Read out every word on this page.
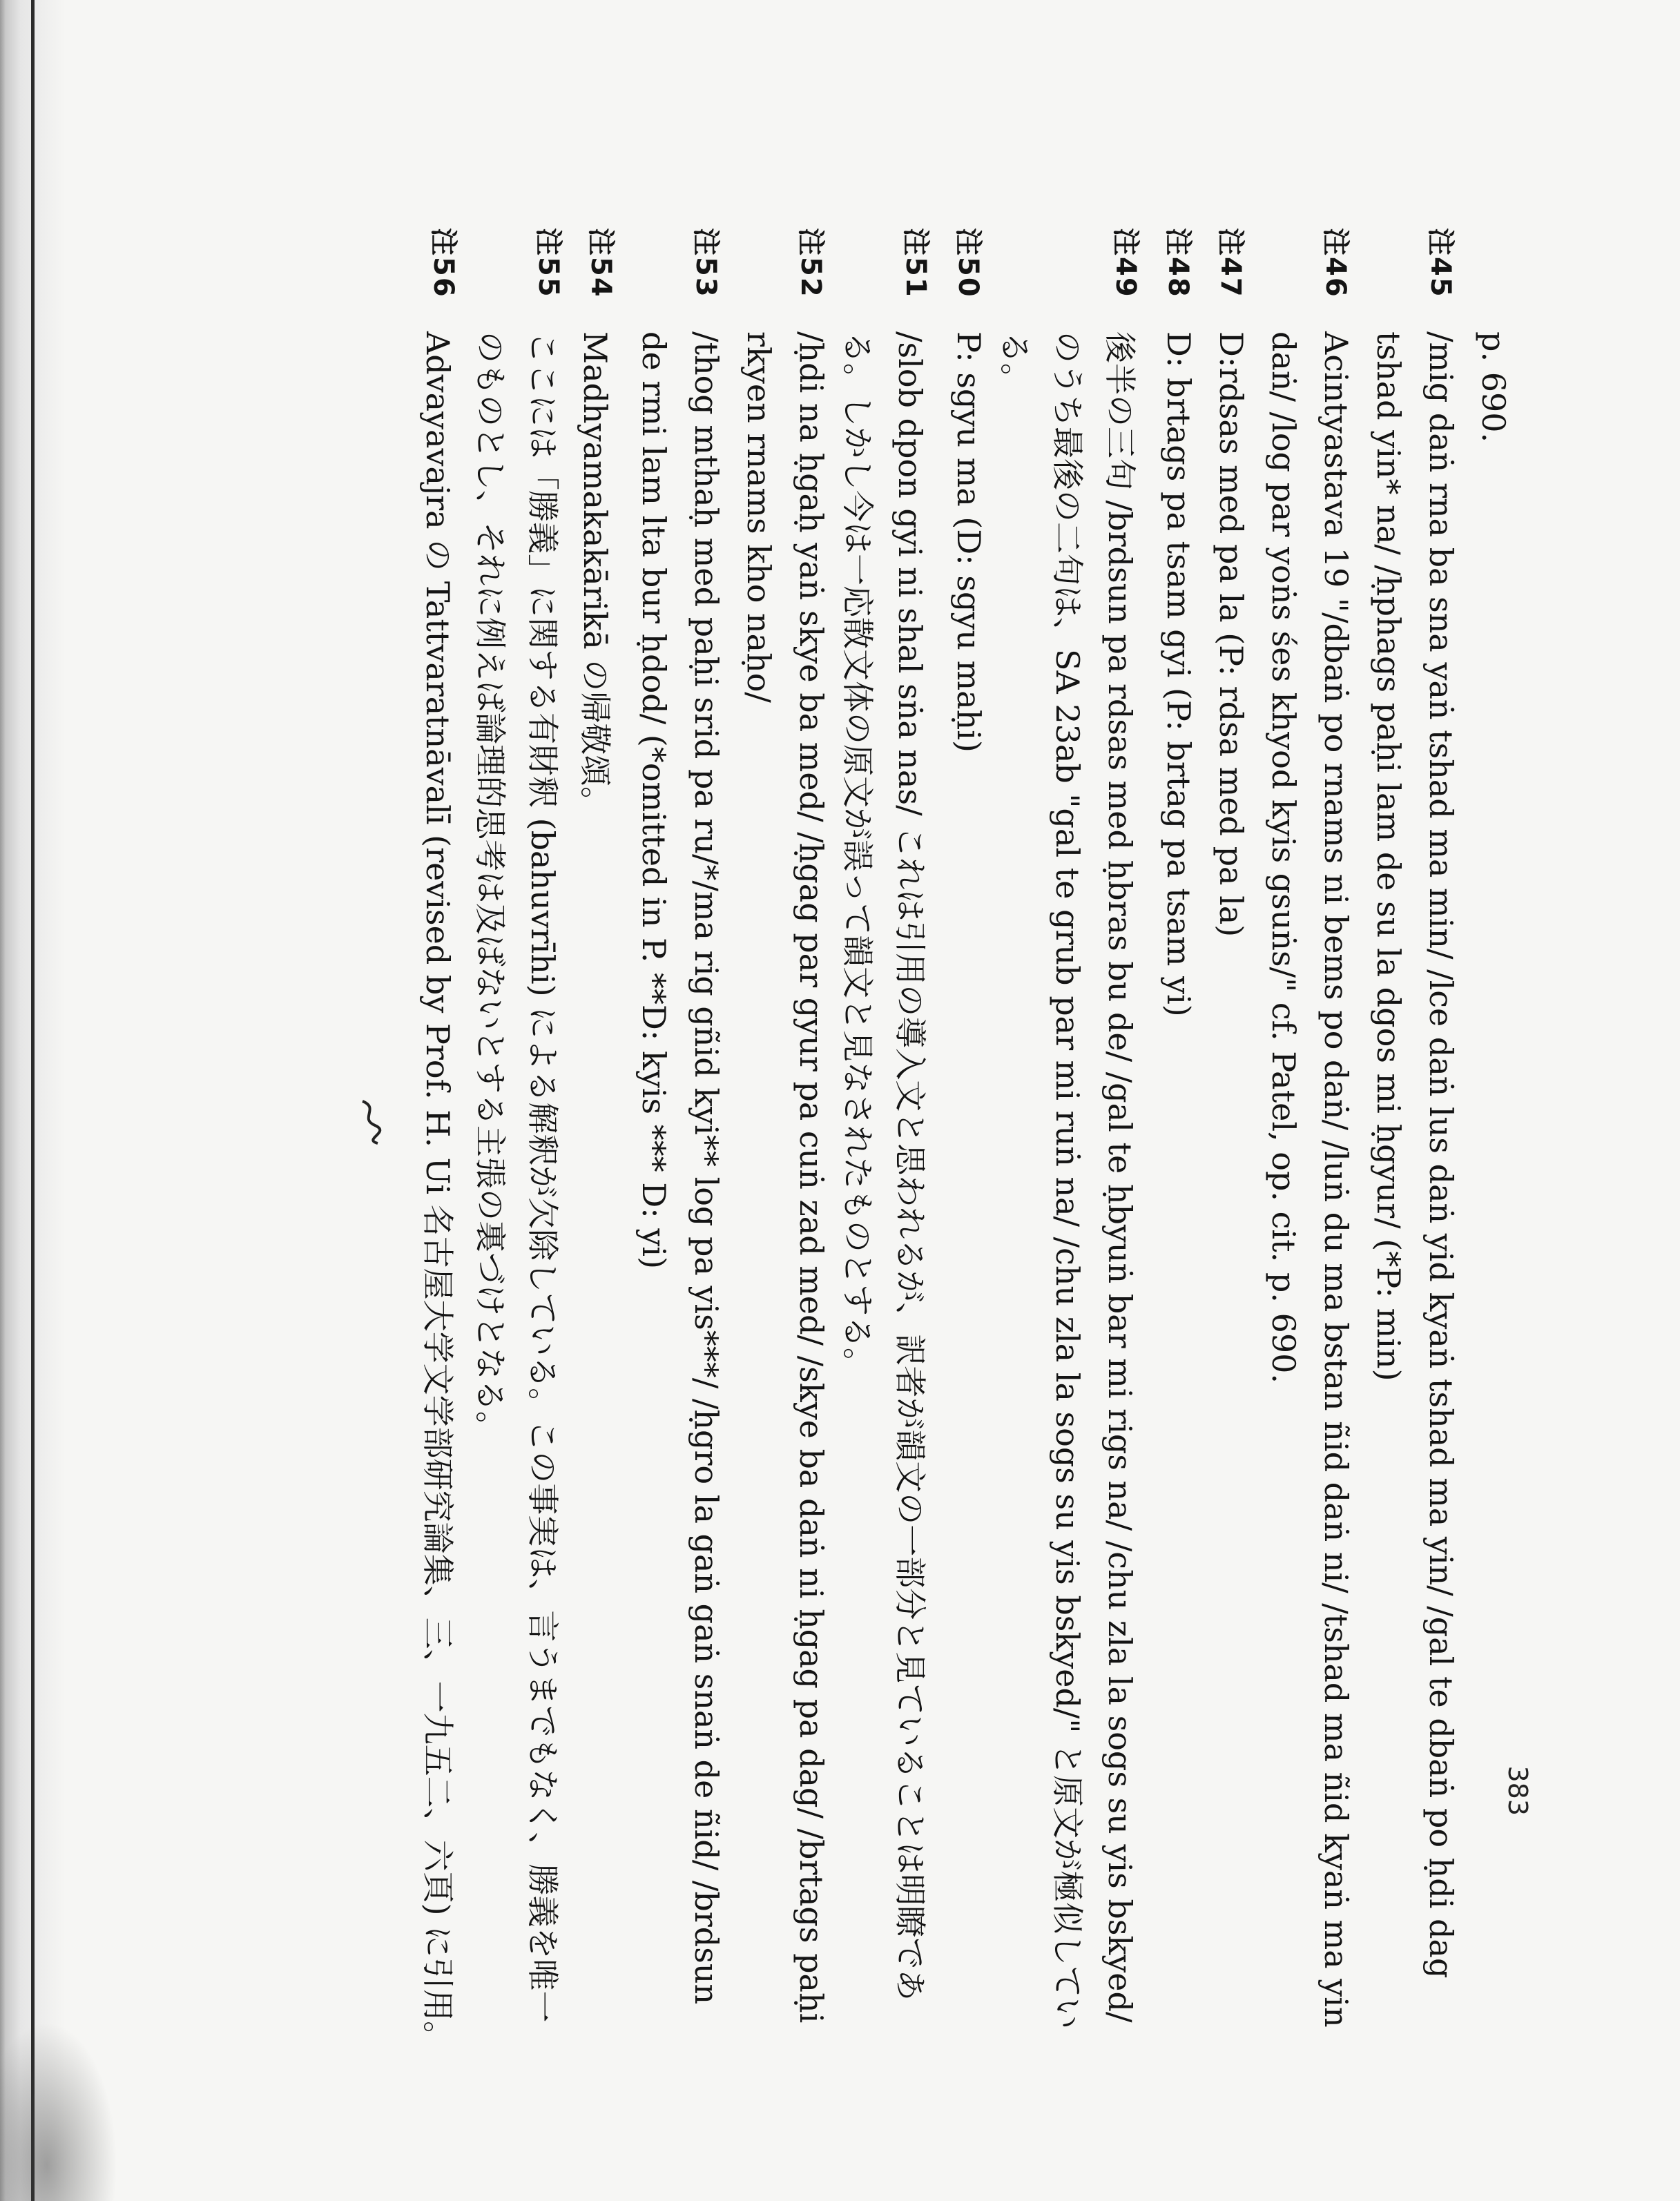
383
p. 690.
注45
/mig daṅ rna ba sna yaṅ tshad ma min/ /lce daṅ lus daṅ yid kyaṅ tshad ma yin/ /gal te dbaṅ po ḥdi dag
tshad yin* na/ /ḥphags paḥi lam de su la dgos mi ḥgyur/ (*P: min)
注46
Acintyastava 19 "/dbaṅ po rnams ni bems po daṅ/ /luṅ du ma bstan ñid daṅ ni/ /tshad ma ñid kyaṅ ma yin
daṅ/ /log par yoṅs śes khyod kyis gsuṅs/" cf. Patel, op. cit. p. 690.
注47
D:rdsas med pa la (P: rdsa med pa la)
注48
D: brtags pa tsam gyi (P: brtag pa tsam yi)
注49
後半の三句 /brdsun pa rdsas med ḥbras bu de/ /gal te ḥbyuṅ bar mi rigs na/ /chu zla la sogs su yis bskyed/
のうち最後の二句は、SA 23ab "gal te grub par mi ruṅ na/ /chu zla la sogs su yis bskyed/" と原文が極似してい
る。
注50
P: sgyu ma (D: sgyu maḥi)
注51
/slob dpon gyi ni shal sṅa nas/ これは引用の導入文と思われるが、訳者が韻文の一部分と見ていることは明瞭であ
る。しかし今は一応散文体の原文が誤って韻文と見なされたものとする。
注52
/ḥdi na ḥgaḥ yaṅ skye ba med/ /ḥgag par gyur pa cuṅ zad med/ /skye ba daṅ ni ḥgag pa dag/ /brtags paḥi
rkyen rnams kho naḥo/
注53
/thog mthaḥ med paḥi srid pa ru/*/ma rig gñid kyi** log pa yis***/ /ḥgro la gaṅ gaṅ snaṅ de ñid/ /brdsun
de rmi lam lta bur ḥdod/ (*omitted in P. **D: kyis *** D: yi)
注54
Madhyamakakārikā の帰敬頌。
注55
ここには「勝義」に関する有財釈 (bahuvrīhi) による解釈が欠除している。この事実は、言うまでもなく、勝義を唯一
のものとし、それに例えば論理的思考は及ばないとする主張の裏づけとなる。
注56
Advayavajra の Tattvaratnāvalī (revised by Prof. H. Ui 名古屋大学文学部研究論集、三、一九五二、六頁) に引用。
